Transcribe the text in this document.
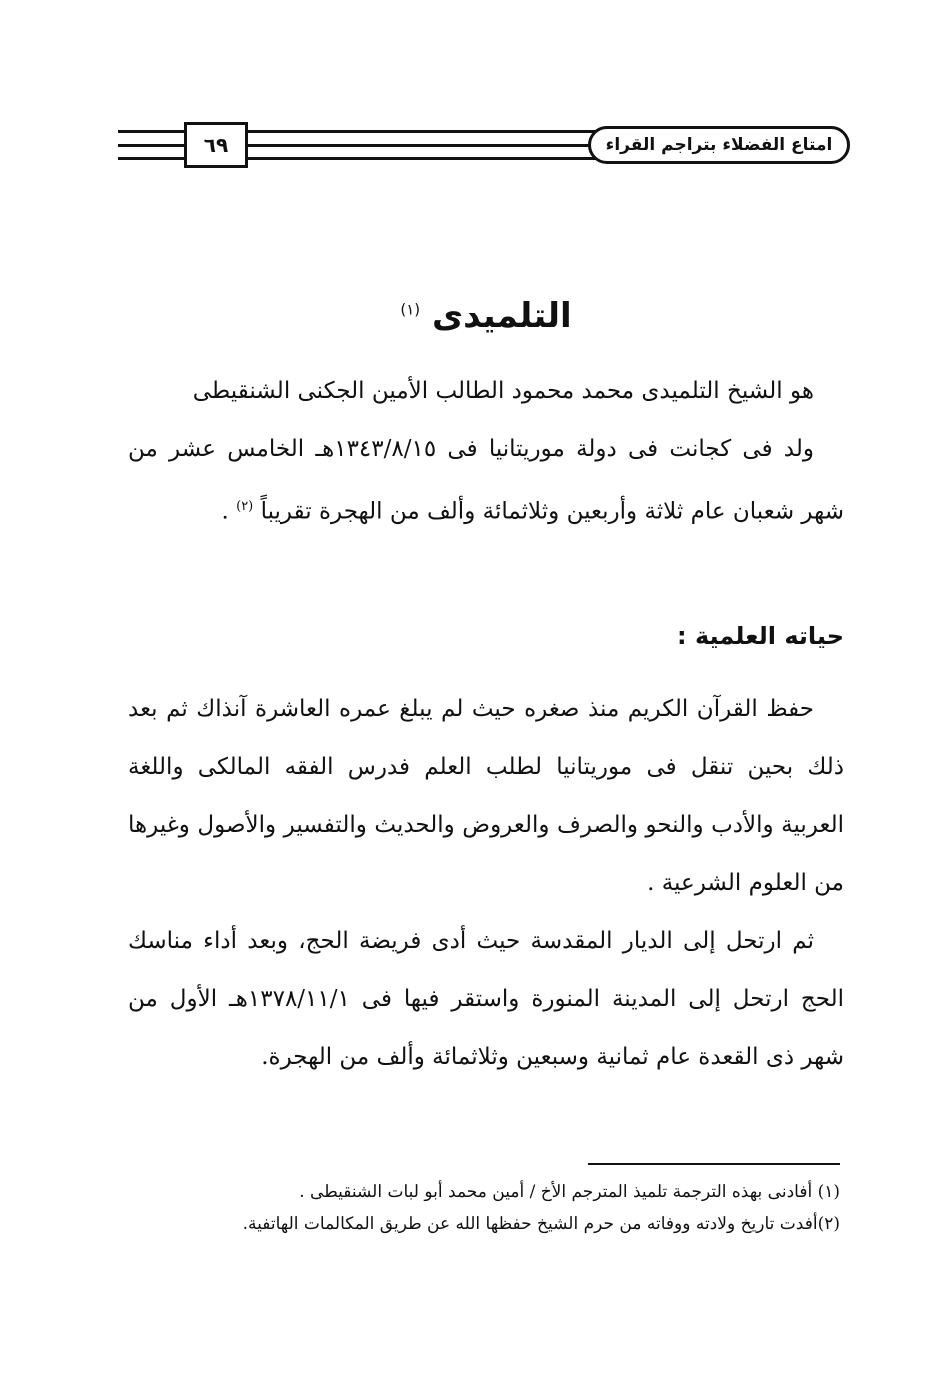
٦٩	امتاع الفضلاء بتراجم القراء
التلميدى $^{(١)}$

هو الشيخ التلميدى محمد محمود الطالب الأمين الجكنى الشنقيطى

ولد فى كجانت فى دولة موريتانيا فى ١٣٤٣/٨/١٥هـ الخامس عشر من شهر شعبان عام ثلاثة وأربعين وثلاثمائة وألف من الهجرة تقريباً $^{(٢)}$ .

حياته العلمية :

حفظ القرآن الكريم منذ صغره حيث لم يبلغ عمره العاشرة آنذاك ثم بعد ذلك بحين تنقل فى موريتانيا لطلب العلم فدرس الفقه المالكى واللغة العربية والأدب والنحو والصرف والعروض والحديث والتفسير والأصول وغيرها من العلوم الشرعية .

ثم ارتحل إلى الديار المقدسة حيث أدى فريضة الحج، وبعد أداء مناسك الحج ارتحل إلى المدينة المنورة واستقر فيها فى ١٣٧٨/١١/١هـ الأول من شهر ذى القعدة عام ثمانية وسبعين وثلاثمائة وألف من الهجرة.

(١) أفادنى بهذه الترجمة تلميذ المترجم الأخ / أمين محمد أبو لبات الشنقيطى .

(٢)أفدت تاريخ ولادته ووفاته من حرم الشيخ حفظها الله عن طريق المكالمات الهاتفية.
